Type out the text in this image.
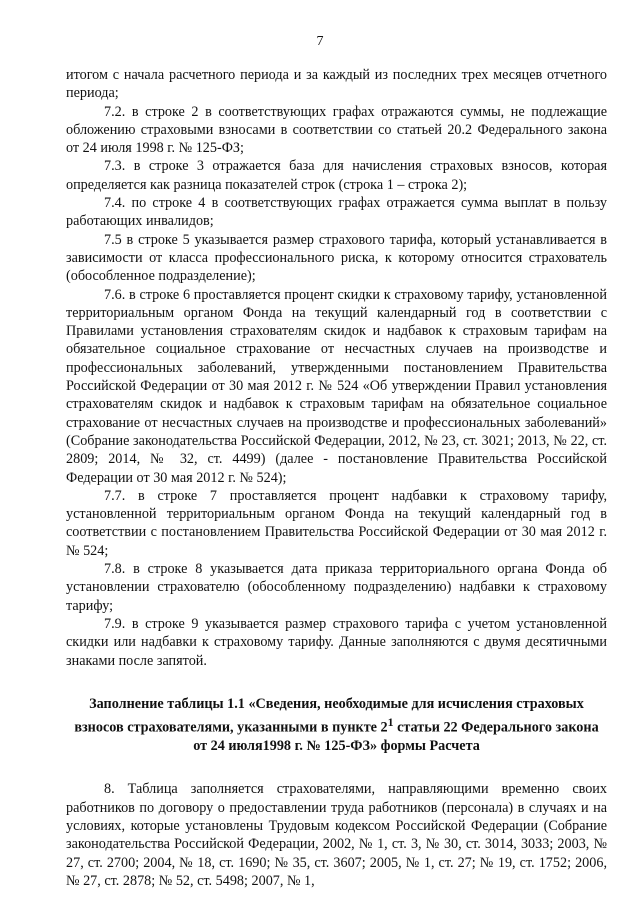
7

итогом с начала расчетного периода и за каждый из последних трех месяцев отчетного периода;

7.2. в строке 2 в соответствующих графах отражаются суммы, не подлежащие обложению страховыми взносами в соответствии со статьей 20.2 Федерального закона от 24 июля 1998 г. № 125-ФЗ;

7.3. в строке 3 отражается база для начисления страховых взносов, которая определяется как разница показателей строк (строка 1 – строка 2);

7.4. по строке 4 в соответствующих графах отражается сумма выплат в пользу работающих инвалидов;

7.5 в строке 5 указывается размер страхового тарифа, который устанавливается в зависимости от класса профессионального риска, к которому относится страхователь (обособленное подразделение);

7.6. в строке 6 проставляется процент скидки к страховому тарифу, установленной территориальным органом Фонда на текущий календарный год в соответствии с Правилами установления страхователям скидок и надбавок к страховым тарифам на обязательное социальное страхование от несчастных случаев на производстве и профессиональных заболеваний, утвержденными постановлением Правительства Российской Федерации от 30 мая 2012 г. № 524 «Об утверждении Правил установления страхователям скидок и надбавок к страховым тарифам на обязательное социальное страхование от несчастных случаев на производстве и профессиональных заболеваний» (Собрание законодательства Российской Федерации, 2012, № 23, ст. 3021; 2013, № 22, ст. 2809; 2014, № 32, ст. 4499) (далее - постановление Правительства Российской Федерации от 30 мая 2012 г. № 524);

7.7. в строке 7 проставляется процент надбавки к страховому тарифу, установленной территориальным органом Фонда на текущий календарный год в соответствии с постановлением Правительства Российской Федерации от 30 мая 2012 г. № 524;

7.8. в строке 8 указывается дата приказа территориального органа Фонда об установлении страхователю (обособленному подразделению) надбавки к страховому тарифу;

7.9. в строке 9 указывается размер страхового тарифа с учетом установленной скидки или надбавки к страховому тарифу. Данные заполняются с двумя десятичными знаками после запятой.

Заполнение таблицы 1.1 «Сведения, необходимые для исчисления страховых взносов страхователями, указанными в пункте $2^1$ статьи 22 Федерального закона от 24 июля1998 г. № 125-ФЗ» формы Расчета

8. Таблица заполняется страхователями, направляющими временно своих работников по договору о предоставлении труда работников (персонала) в случаях и на условиях, которые установлены Трудовым кодексом Российской Федерации (Собрание законодательства Российской Федерации, 2002, № 1, ст. 3, № 30, ст. 3014, 3033; 2003, № 27, ст. 2700; 2004, № 18, ст. 1690; № 35, ст. 3607; 2005, № 1, ст. 27; № 19, ст. 1752; 2006, № 27, ст. 2878; № 52, ст. 5498; 2007, № 1,
